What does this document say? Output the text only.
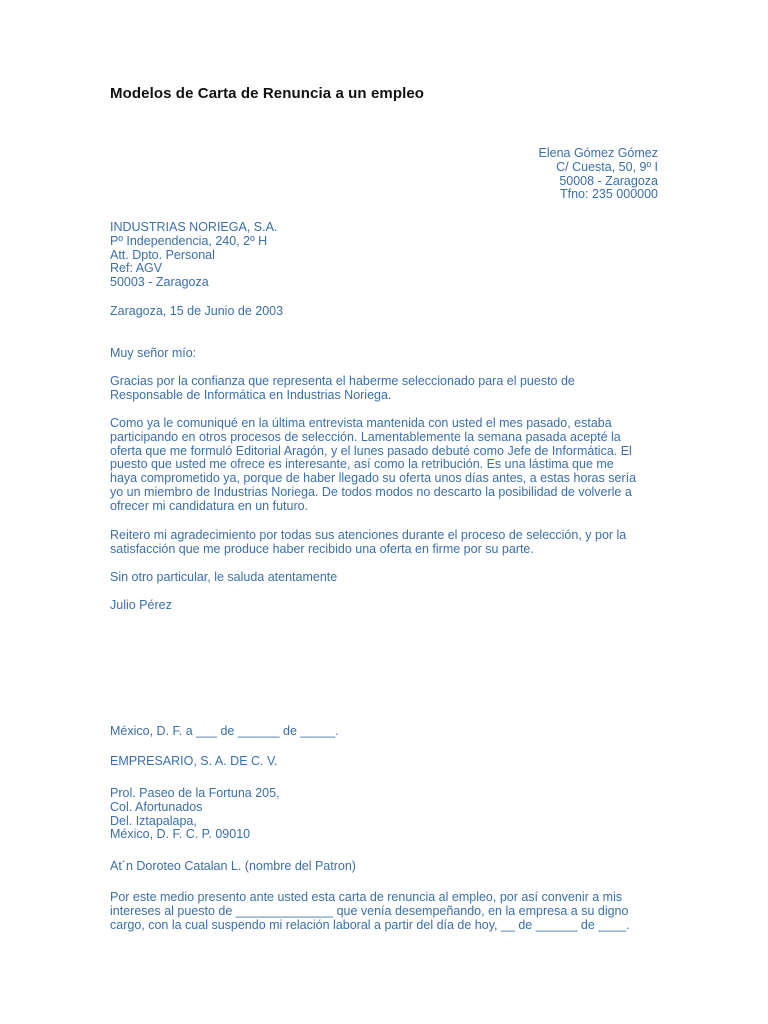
Modelos de Carta de Renuncia a un empleo
Elena Gómez Gómez
C/ Cuesta, 50, 9º I
50008 - Zaragoza
Tfno: 235 000000
INDUSTRIAS NORIEGA, S.A.
Pº Independencia, 240, 2º H
Att. Dpto. Personal
Ref: AGV
50003 - Zaragoza
Zaragoza, 15 de Junio de 2003
Muy señor mío:
Gracias por la confianza que representa el haberme seleccionado para el puesto de
Responsable de Informática en Industrias Noriega.
Como ya le comuniqué en la última entrevista mantenida con usted el mes pasado, estaba
participando en otros procesos de selección. Lamentablemente la semana pasada acepté la
oferta que me formuló Editorial Aragón, y el lunes pasado debuté como Jefe de Informática. El
puesto que usted me ofrece es interesante, así como la retribución. Es una lástima que me
haya comprometido ya, porque de haber llegado su oferta unos días antes, a estas horas sería
yo un miembro de Industrias Noriega. De todos modos no descarto la posibilidad de volverle a
ofrecer mi candidatura en un futuro.
Reitero mi agradecimiento por todas sus atenciones durante el proceso de selección, y por la
satisfacción que me produce haber recibido una oferta en firme por su parte.
Sin otro particular, le saluda atentamente
Julio Pérez
México, D. F. a ___ de ______ de _____.
EMPRESARIO, S. A. DE C. V.
Prol. Paseo de la Fortuna 205,
Col. Afortunados
Del. Iztapalapa,
México, D. F. C. P. 09010
At´n Doroteo Catalan L. (nombre del Patron)
Por este medio presento ante usted esta carta de renuncia al empleo, por así convenir a mis
intereses al puesto de ______________ que venía desempeñando, en la empresa a su digno
cargo, con la cual suspendo mi relación laboral a partir del día de hoy, __ de ______ de ____.
